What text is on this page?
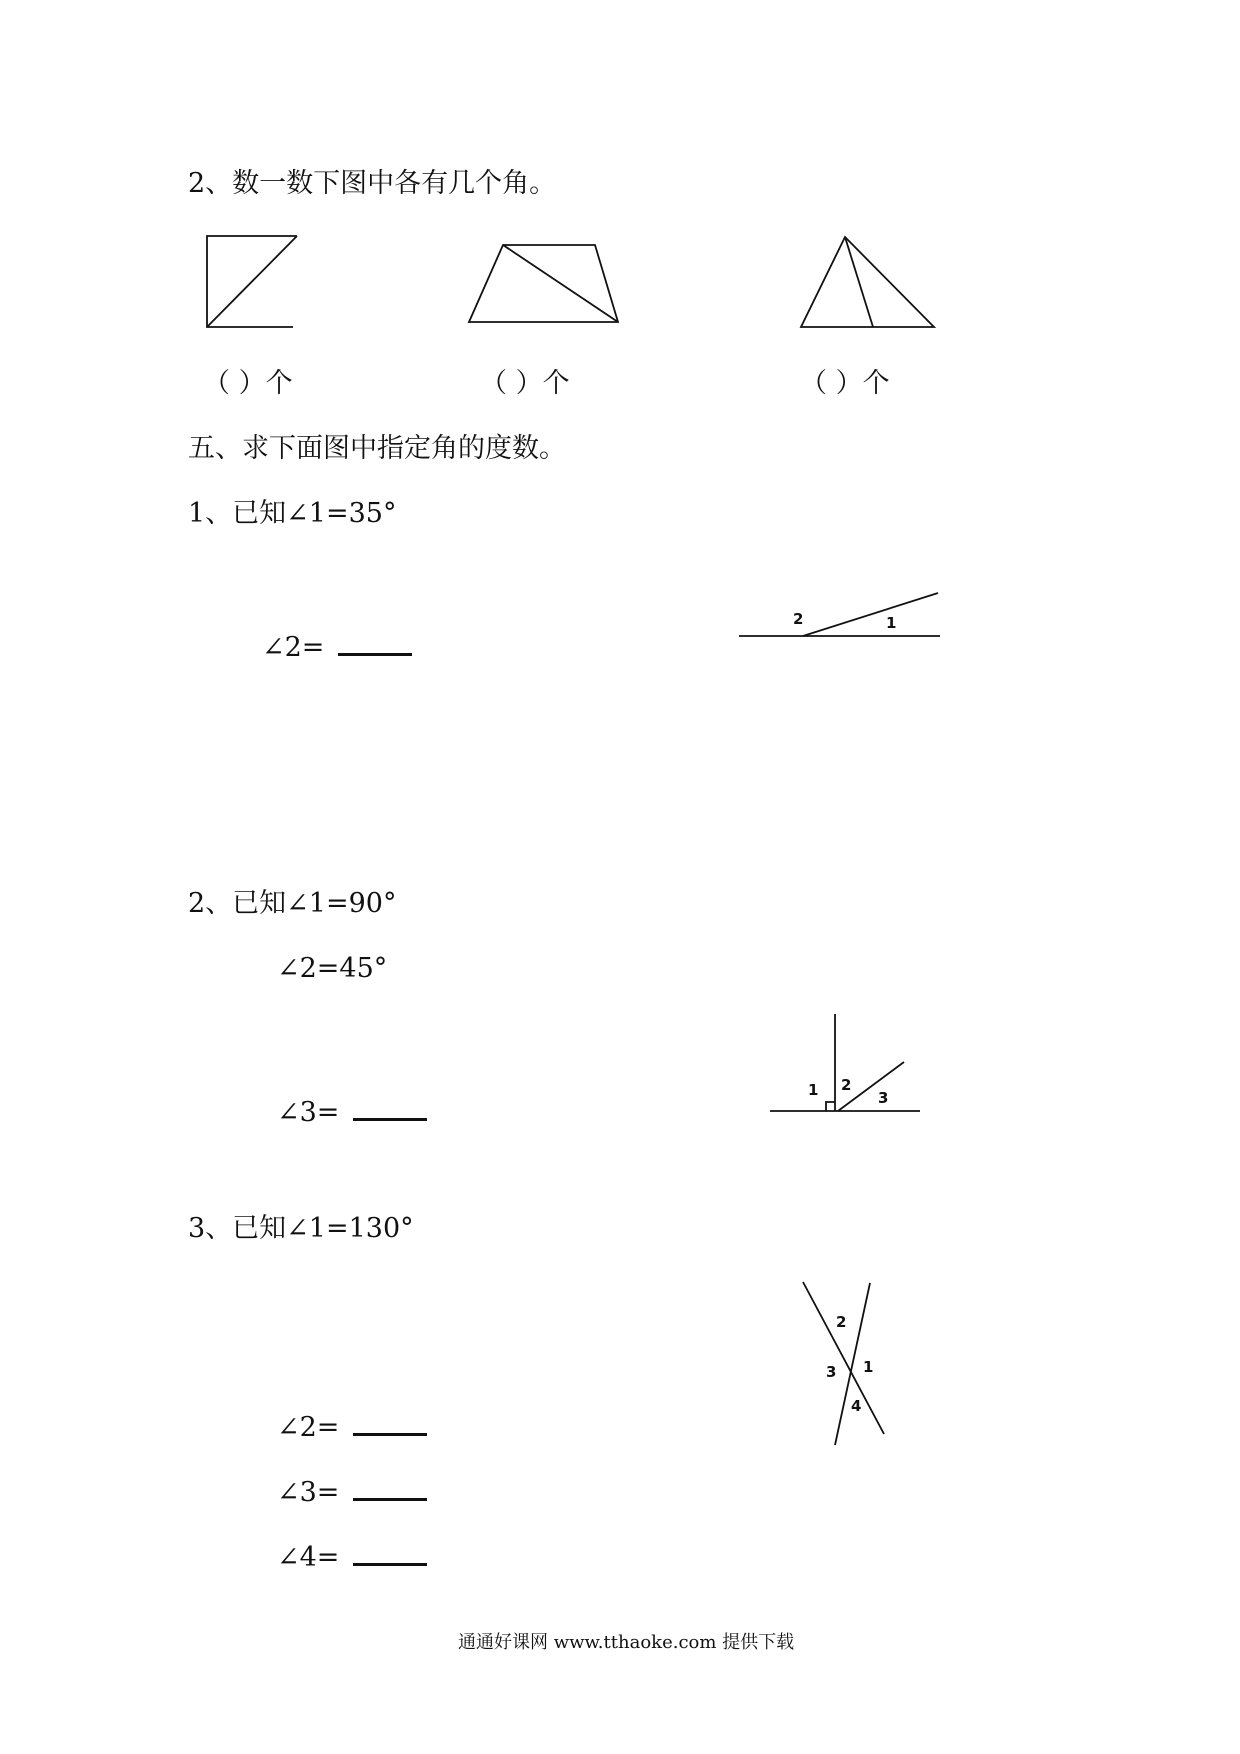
2、数一数下图中各有几个角。
2	1
1 2
3
2
3 1
4
（ ）个	（ ）个	（ ）个
五、求下面图中指定角的度数。
1、已知∠1=35°
∠2=
2、已知∠1=90°
∠2=45°
∠3=
3、已知∠1=130°
∠2=
∠3=
∠4=
通通好课网 www.tthaoke.com 提供下载
